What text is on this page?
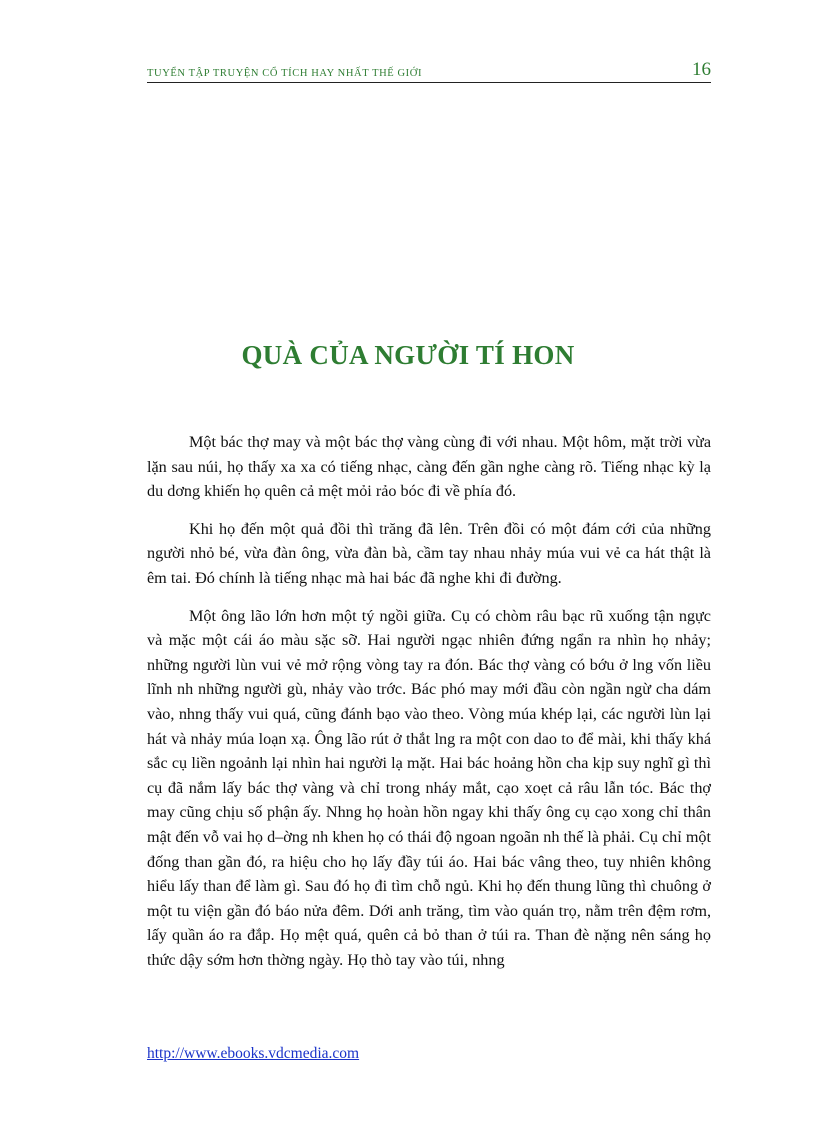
TUYỂN TẬP TRUYỆN CỔ TÍCH HAY NHẤT THẾ GIỚI	16
QUÀ CỦA NGƯỜI TÍ HON

Một bác thợ may và một bác thợ vàng cùng đi với nhau. Một hôm, mặt trời vừa lặn sau núi, họ thấy xa xa có tiếng nhạc, càng đến gần nghe càng rõ. Tiếng nhạc kỳ lạ du dơng khiến họ quên cả mệt mỏi rảo bóc đi về phía đó.

Khi họ đến một quả đồi thì trăng đã lên. Trên đồi có một đám cới của những người nhỏ bé, vừa đàn ông, vừa đàn bà, cầm tay nhau nhảy múa vui vẻ ca hát thật là êm tai. Đó chính là tiếng nhạc mà hai bác đã nghe khi đi đường.

Một ông lão lớn hơn một tý ngồi giữa. Cụ có chòm râu bạc rũ xuống tận ngực và mặc một cái áo màu sặc sỡ. Hai người ngạc nhiên đứng ngẩn ra nhìn họ nhảy; những người lùn vui vẻ mở rộng vòng tay ra đón. Bác thợ vàng có bớu ở lng vốn liều lĩnh nh những người gù, nhảy vào trớc. Bác phó may mới đầu còn ngần ngừ cha dám vào, nhng thấy vui quá, cũng đánh bạo vào theo. Vòng múa khép lại, các người lùn lại hát và nhảy múa loạn xạ. Ông lão rút ở thắt lng ra một con dao to để mài, khi thấy khá sắc cụ liền ngoảnh lại nhìn hai người lạ mặt. Hai bác hoảng hồn cha kịp suy nghĩ gì thì cụ đã nắm lấy bác thợ vàng và chỉ trong nháy mắt, cạo xoẹt cả râu lẫn tóc. Bác thợ may cũng chịu số phận ấy. Nhng họ hoàn hồn ngay khi thấy ông cụ cạo xong chỉ thân mật đến vỗ vai họ d–ờng nh khen họ có thái độ ngoan ngoãn nh thế là phải. Cụ chỉ một đống than gần đó, ra hiệu cho họ lấy đầy túi áo. Hai bác vâng theo, tuy nhiên không hiểu lấy than để làm gì. Sau đó họ đi tìm chỗ ngủ. Khi họ đến thung lũng thì chuông ở một tu viện gần đó báo nửa đêm. Dới anh trăng, tìm vào quán trọ, nằm trên đệm rơm, lấy quần áo ra đắp. Họ mệt quá, quên cả bỏ than ở túi ra. Than đè nặng nên sáng họ thức dậy sớm hơn thờng ngày. Họ thò tay vào túi, nhng

http://www.ebooks.vdcmedia.com
